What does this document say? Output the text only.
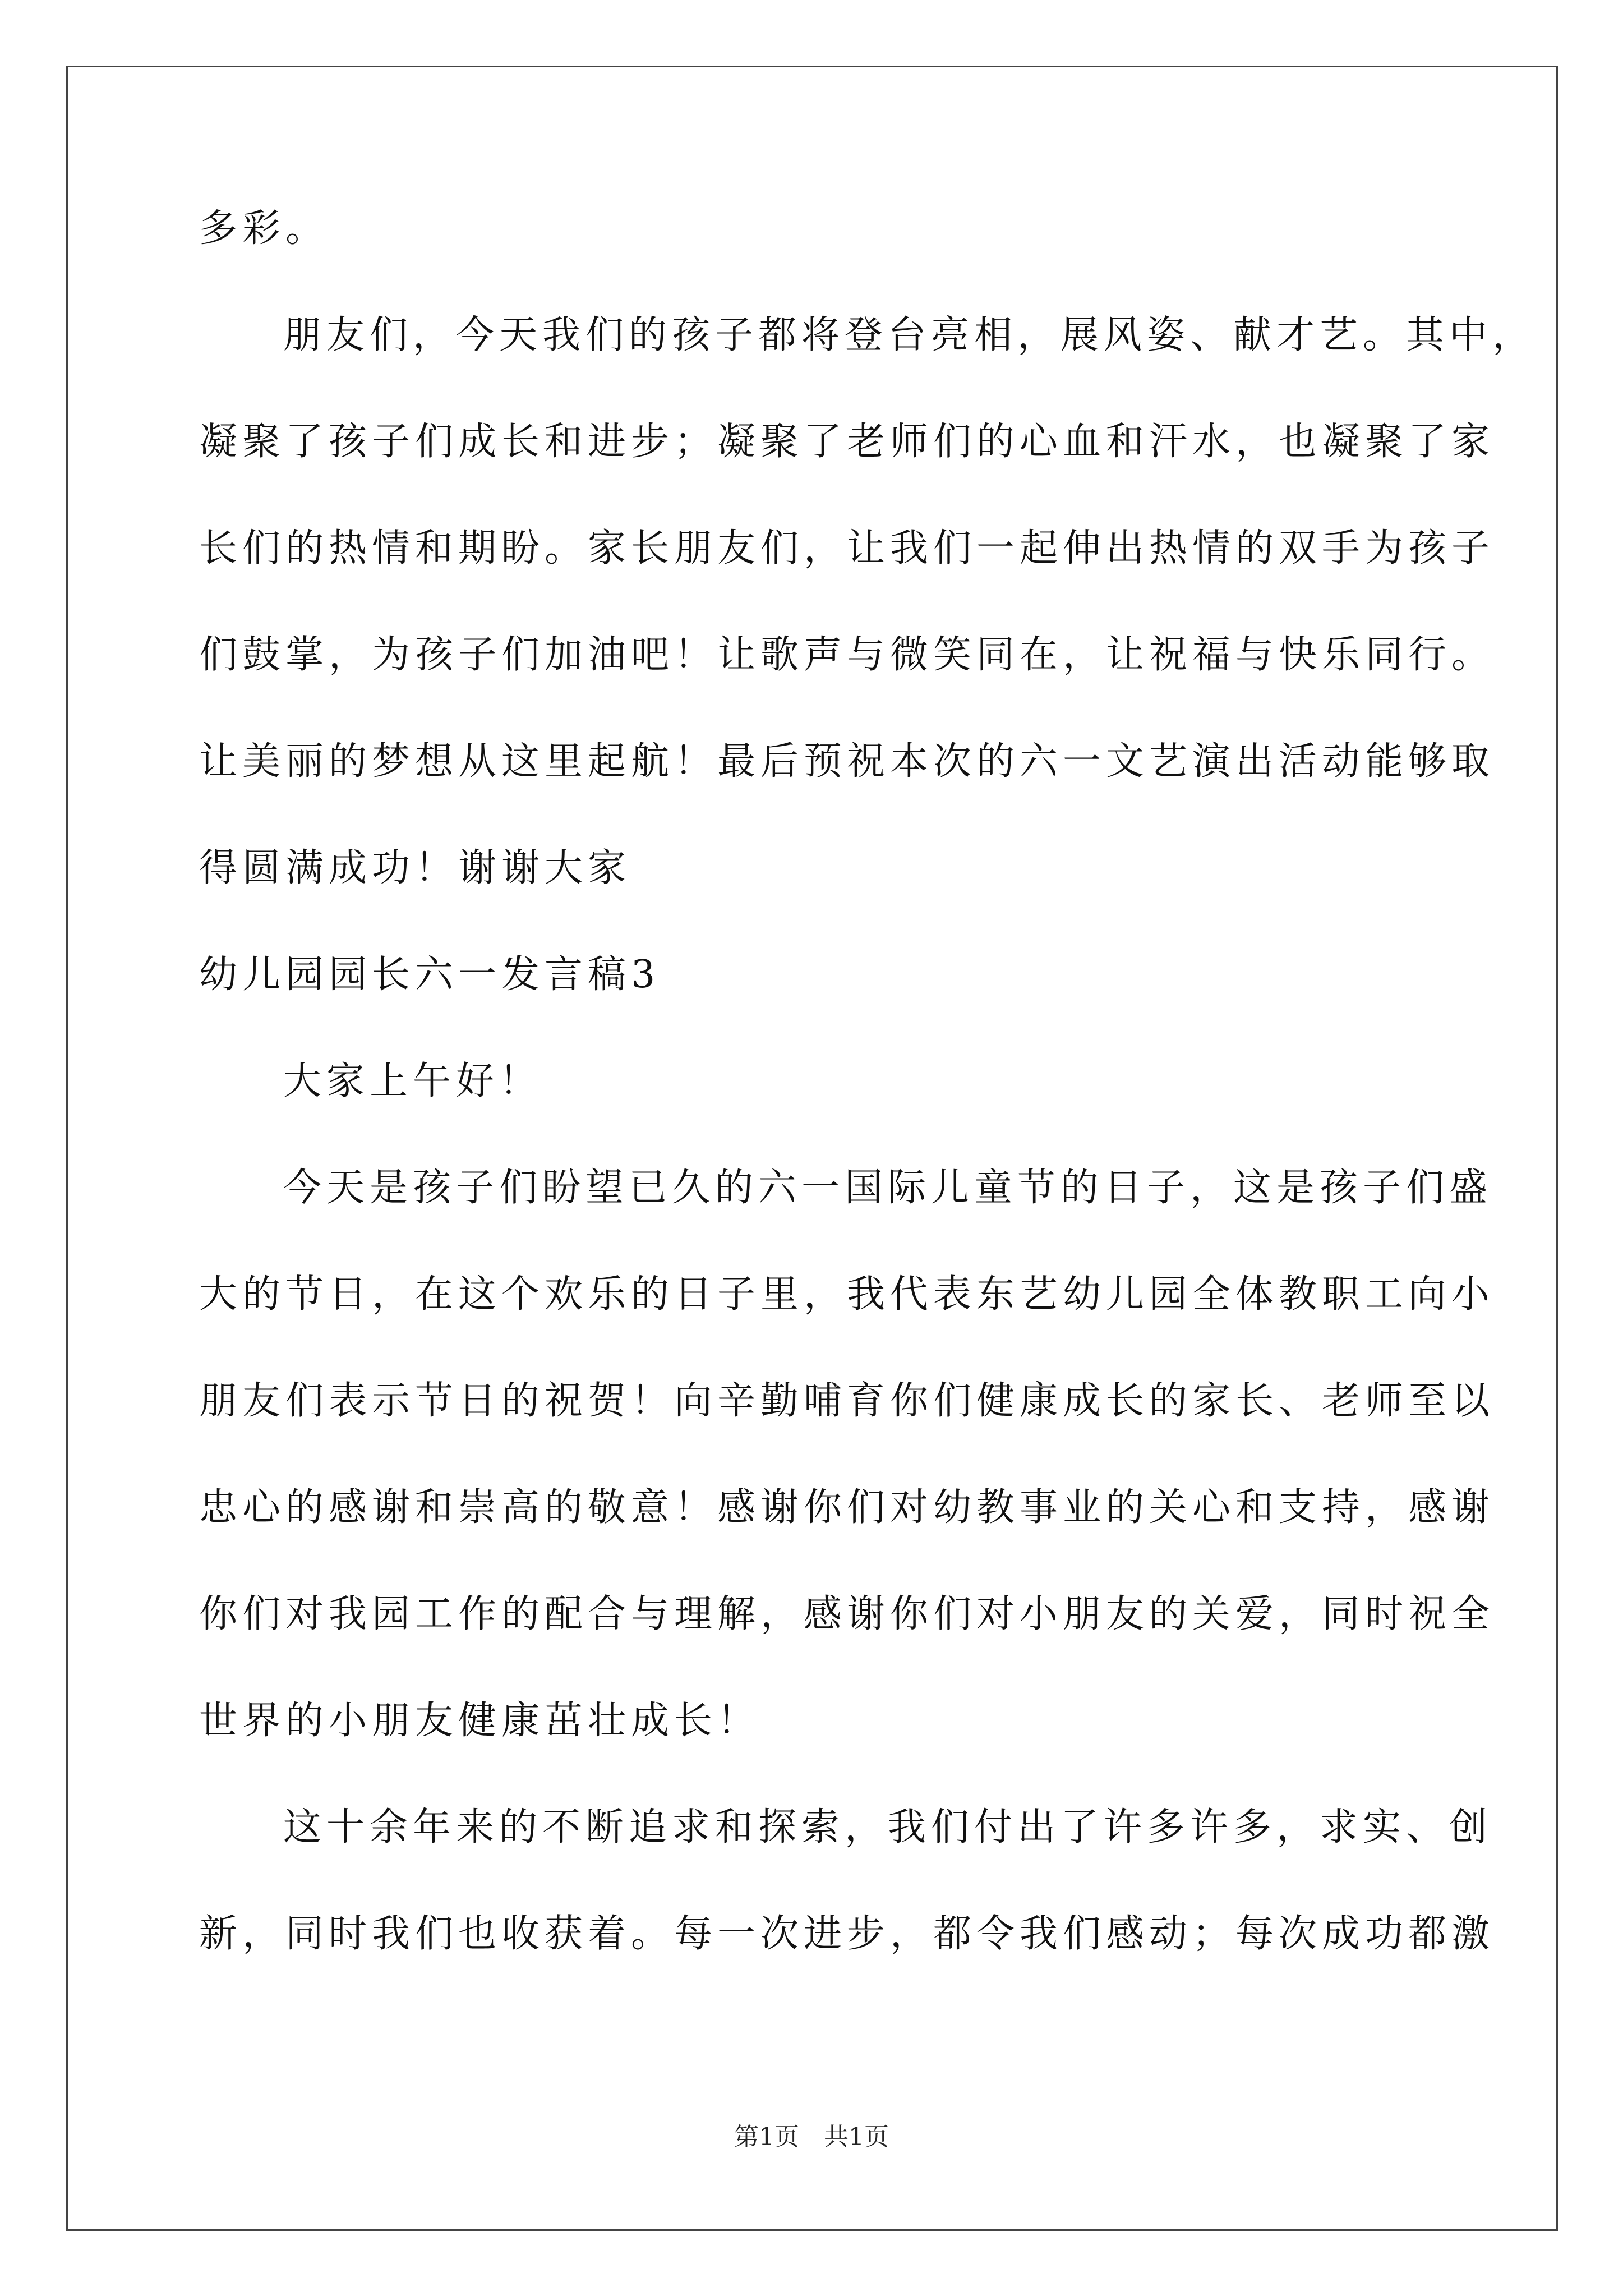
多彩。
朋友们，今天我们的孩子都将登台亮相，展风姿、献才艺。其中，
凝聚了孩子们成长和进步；凝聚了老师们的心血和汗水，也凝聚了家
长们的热情和期盼。家长朋友们，让我们一起伸出热情的双手为孩子
们鼓掌，为孩子们加油吧！让歌声与微笑同在，让祝福与快乐同行。
让美丽的梦想从这里起航！最后预祝本次的六一文艺演出活动能够取
得圆满成功！谢谢大家
幼儿园园长六一发言稿3
大家上午好！
今天是孩子们盼望已久的六一国际儿童节的日子，这是孩子们盛
大的节日，在这个欢乐的日子里，我代表东艺幼儿园全体教职工向小
朋友们表示节日的祝贺！向辛勤哺育你们健康成长的家长、老师至以
忠心的感谢和崇高的敬意！感谢你们对幼教事业的关心和支持，感谢
你们对我园工作的配合与理解，感谢你们对小朋友的关爱，同时祝全
世界的小朋友健康茁壮成长！
这十余年来的不断追求和探索，我们付出了许多许多，求实、创
新，同时我们也收获着。每一次进步，都令我们感动；每次成功都激
第1页　共1页
